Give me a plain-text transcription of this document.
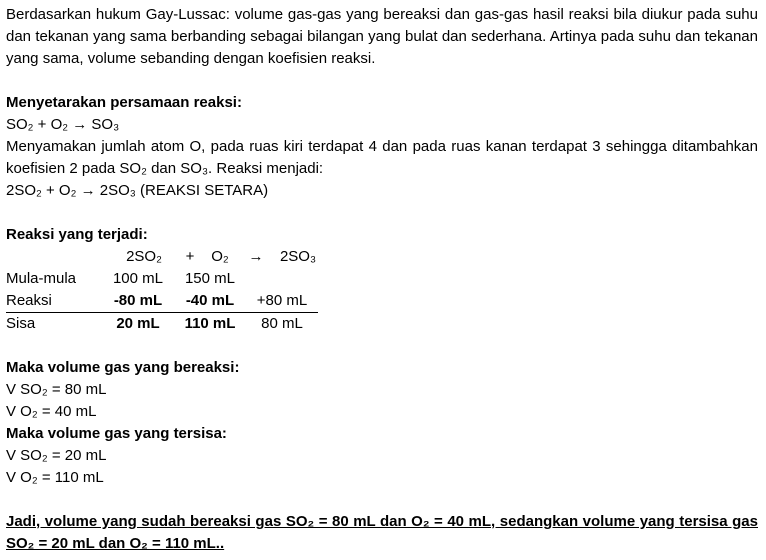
Berdasarkan hukum Gay-Lussac: volume gas-gas yang bereaksi dan gas-gas hasil reaksi bila diukur pada suhu dan tekanan yang sama berbanding sebagai bilangan yang bulat dan sederhana. Artinya pada suhu dan tekanan yang sama, volume sebanding dengan koefisien reaksi.

Menyetarakan persamaan reaksi:

SO₂ + O₂ → SO₃

Menyamakan jumlah atom O, pada ruas kiri terdapat 4 dan pada ruas kanan terdapat 3 sehingga ditambahkan koefisien 2 pada SO₂ dan SO₃. Reaksi menjadi:

2SO₂ + O₂ → 2SO₃ (REAKSI SETARA)

Reaksi yang terjadi:

	2SO₂	+	O₂	→	2SO₃
Mula-mula	100 mL	150 mL	
Reaksi	-80 mL	-40 mL	+80 mL
Sisa	20 mL	110 mL	80 mL

Maka volume gas yang bereaksi:

V SO₂ = 80 mL

V O₂ = 40 mL

Maka volume gas yang tersisa:

V SO₂ = 20 mL

V O₂ = 110 mL

Jadi, volume yang sudah bereaksi gas SO₂ = 80 mL dan O₂ = 40 mL, sedangkan volume yang tersisa gas SO₂ = 20 mL dan O₂ = 110 mL..
